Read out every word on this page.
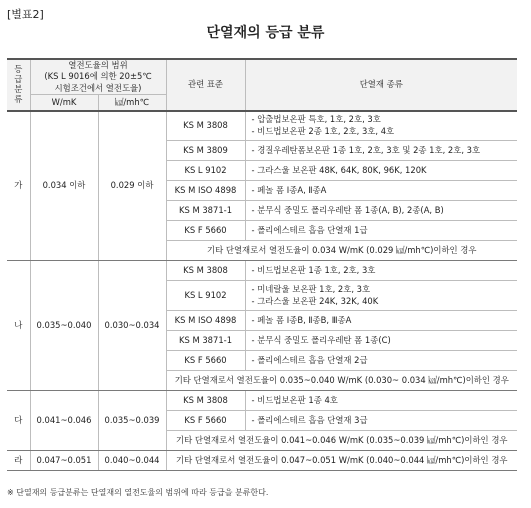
[별표2]
단열재의 등급 분류
등급분류	열전도율의 범위
(KS L 9016에 의한 20±5℃
시험조건에서 열전도율)		관련 표준	단열재 종류
	W/mK	㎉/mh℃		
가	0.034 이하	0.029 이하	KS M 3808	- 압출법보온판 특호, 1호, 2호, 3호
- 비드법보온판 2종 1호, 2호, 3호, 4호
			KS M 3809	- 경질우레탄폼보온판 1종 1호, 2호, 3호 및 2종 1호, 2호, 3호
			KS L 9102	- 그라스울 보온판 48K, 64K, 80K, 96K, 120K
			KS M ISO 4898	- 페놀 폼 Ⅰ종A, Ⅱ종A
			KS M 3871-1	- 분무식 중밀도 폴리우레탄 폼 1종(A, B), 2종(A, B)
			KS F 5660	- 폴리에스테르 흡음 단열재 1급
			기타 단열재로서 열전도율이 0.034 W/mK (0.029 ㎉/mh℃)이하인 경우	
나	0.035~0.040	0.030~0.034	KS M 3808	- 비드법보온판 1종 1호, 2호, 3호
			KS L 9102	- 미네랄울 보온판 1호, 2호, 3호
- 그라스울 보온판 24K, 32K, 40K
			KS M ISO 4898	- 페놀 폼 Ⅰ종B, Ⅱ종B, Ⅲ종A
			KS M 3871-1	- 분무식 중밀도 폴리우레탄 폼 1종(C)
			KS F 5660	- 폴리에스테르 흡음 단열재 2급
			기타 단열재로서 열전도율이 0.035~0.040 W/mK (0.030~ 0.034 ㎉/mh℃)이하인 경우	
다	0.041~0.046	0.035~0.039	KS M 3808	- 비드법보온판 1종 4호
			KS F 5660	- 폴리에스테르 흡음 단열재 3급
			기타 단열재로서 열전도율이 0.041~0.046 W/mK (0.035~0.039 ㎉/mh℃)이하인 경우	
라	0.047~0.051	0.040~0.044	기타 단열재로서 열전도율이 0.047~0.051 W/mK (0.040~0.044 ㎉/mh℃)이하인 경우	
※ 단열재의 등급분류는 단열재의 열전도율의 범위에 따라 등급을 분류한다.
